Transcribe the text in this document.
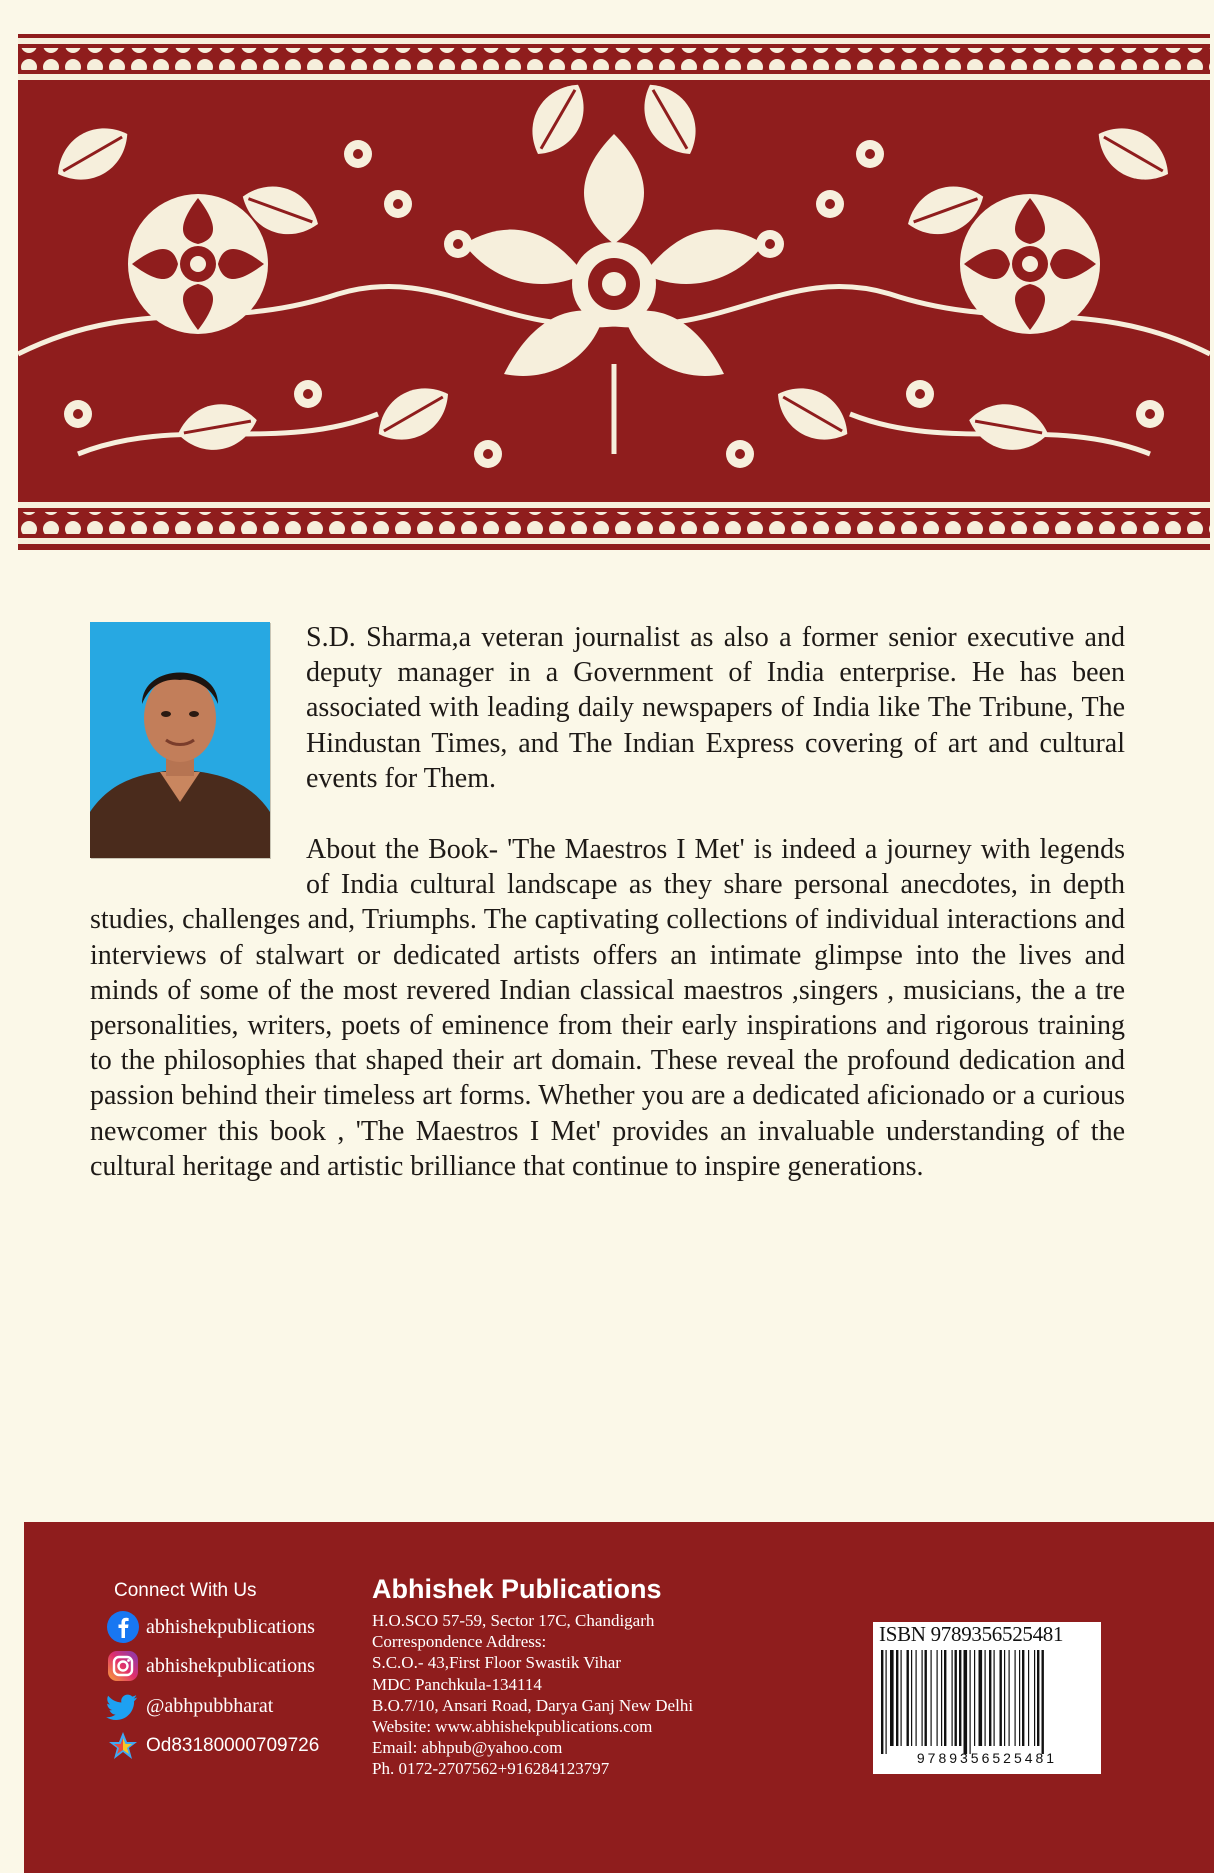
S.D. Sharma,a veteran journalist as also a former senior executive and deputy manager in a Government of India enterprise. He has been associated with leading daily newspapers of India like The Tribune, The Hindustan Times, and The Indian Express covering of art and cultural events for Them.

About the Book- 'The Maestros I Met' is indeed a journey with legends of India cultural landscape as they share personal anecdotes, in depth studies, challenges and, Triumphs. The captivating collections of individual interactions and interviews of stalwart or dedicated artists offers an intimate glimpse into the lives and minds of some of the most revered Indian classical maestros ,singers , musicians, the a tre personalities, writers, poets of eminence from their early inspirations and rigorous training to the philosophies that shaped their art domain. These reveal the profound dedication and passion behind their timeless art forms. Whether you are a dedicated aficionado or a curious newcomer this book , 'The Maestros I Met' provides an invaluable understanding of the cultural heritage and artistic brilliance that continue to inspire generations.

Connect With Us
abhishekpublications
abhishekpublications
@abhpubbharat
Od83180000709726
Abhishek Publications
H.O.SCO 57-59, Sector 17C, Chandigarh
Correspondence Address:
S.C.O.- 43,First Floor Swastik Vihar
MDC Panchkula-134114
B.O.7/10, Ansari Road, Darya Ganj New Delhi
Website: www.abhishekpublications.com
Email: abhpub@yahoo.com
Ph. 0172-2707562+916284123797
ISBN 9789356525481
9789356525481
